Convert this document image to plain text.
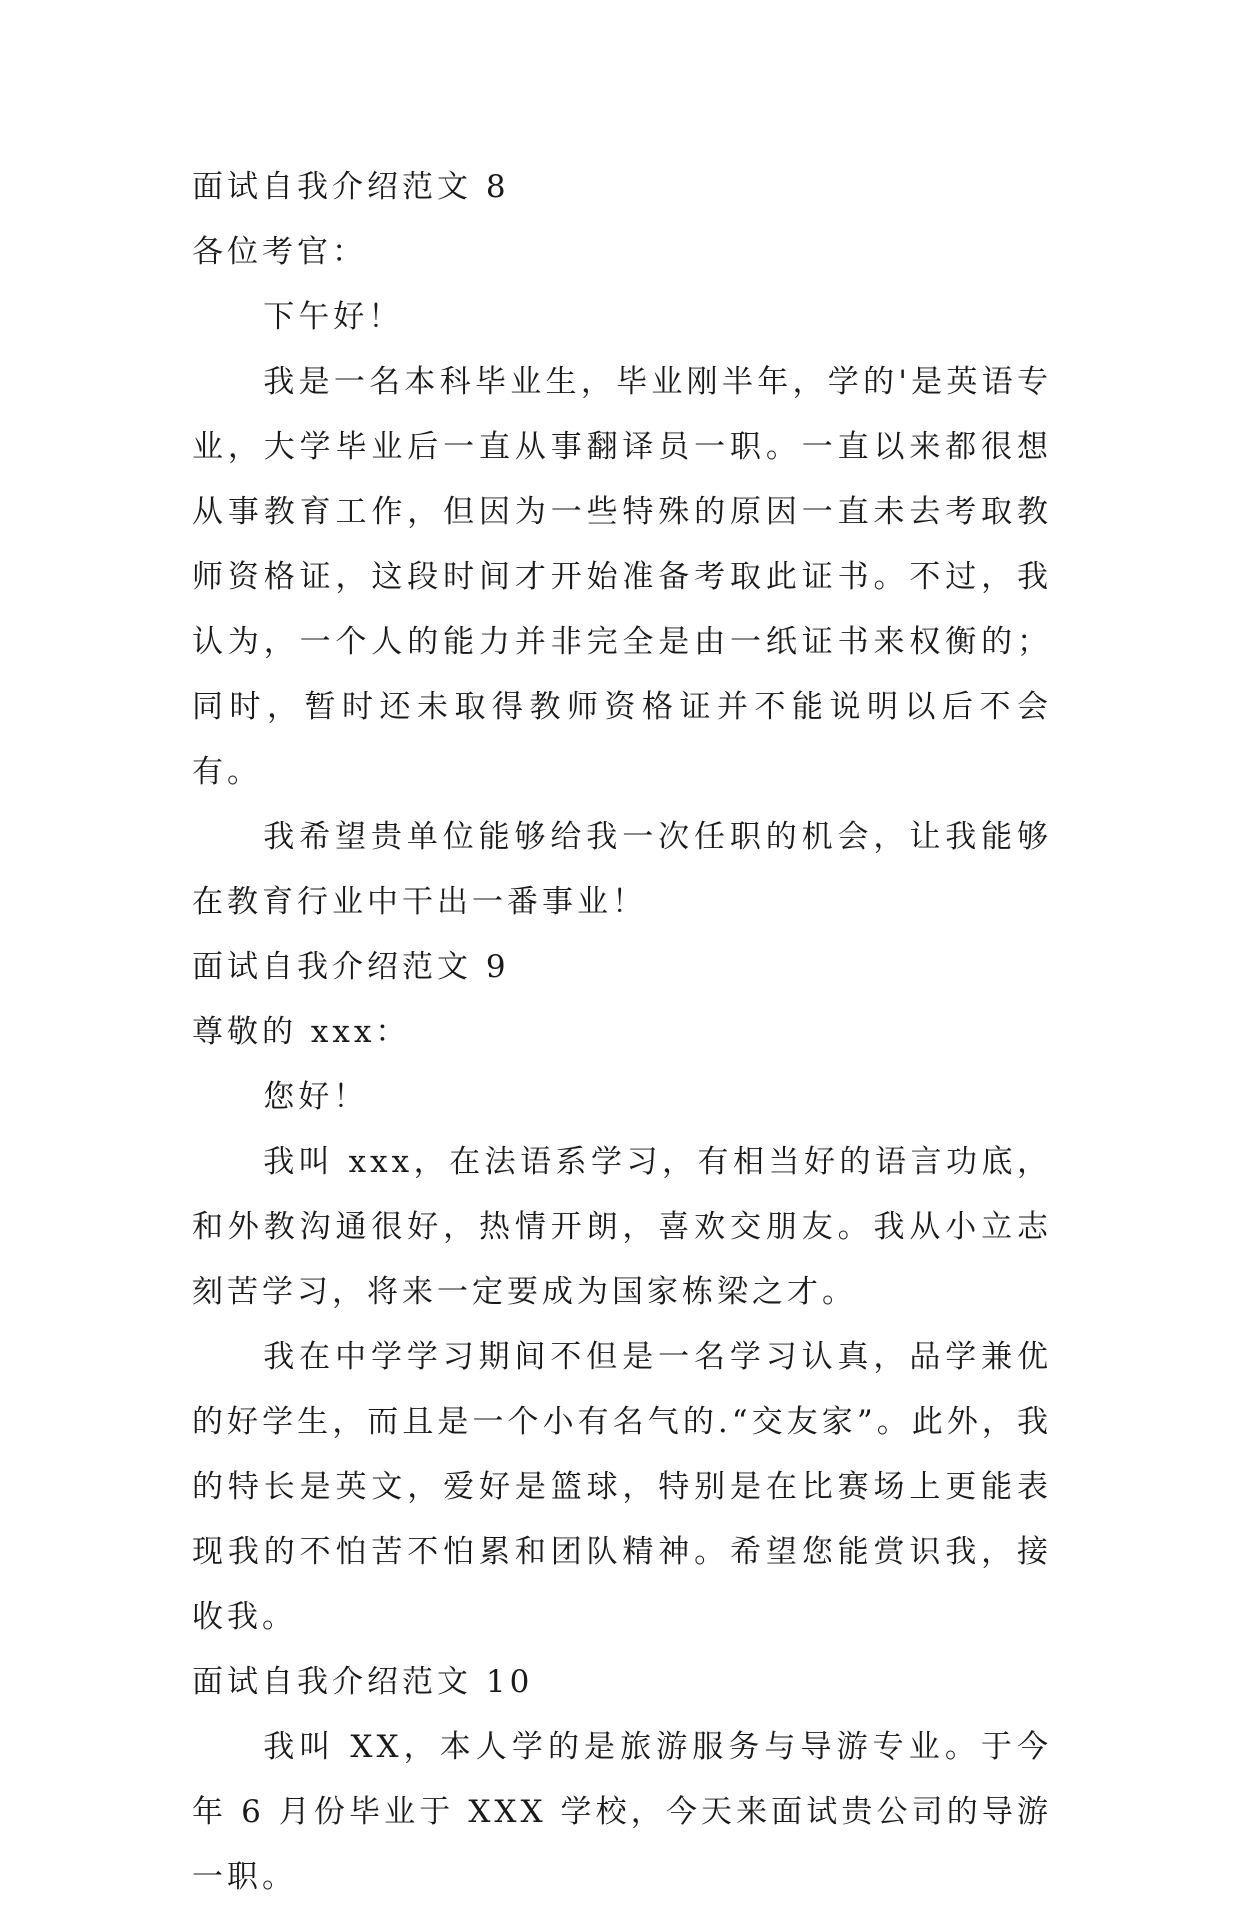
面试自我介绍范文 8
各位考官：

下午好！

我是一名本科毕业生，毕业刚半年，学的'是英语专业，大学毕业后一直从事翻译员一职。一直以来都很想从事教育工作，但因为一些特殊的原因一直未去考取教师资格证，这段时间才开始准备考取此证书。不过，我认为，一个人的能力并非完全是由一纸证书来权衡的；同时，暂时还未取得教师资格证并不能说明以后不会有。

我希望贵单位能够给我一次任职的机会，让我能够在教育行业中干出一番事业！

面试自我介绍范文 9
尊敬的 xxx：

您好！

我叫 xxx，在法语系学习，有相当好的语言功底，和外教沟通很好，热情开朗，喜欢交朋友。我从小立志刻苦学习，将来一定要成为国家栋梁之才。

我在中学学习期间不但是一名学习认真，品学兼优的好学生，而且是一个小有名气的.“交友家”。此外，我的特长是英文，爱好是篮球，特别是在比赛场上更能表现我的不怕苦不怕累和团队精神。希望您能赏识我，接收我。

面试自我介绍范文 10

我叫 XX，本人学的是旅游服务与导游专业。于今年 6 月份毕业于 XXX 学校，今天来面试贵公司的导游一职。
